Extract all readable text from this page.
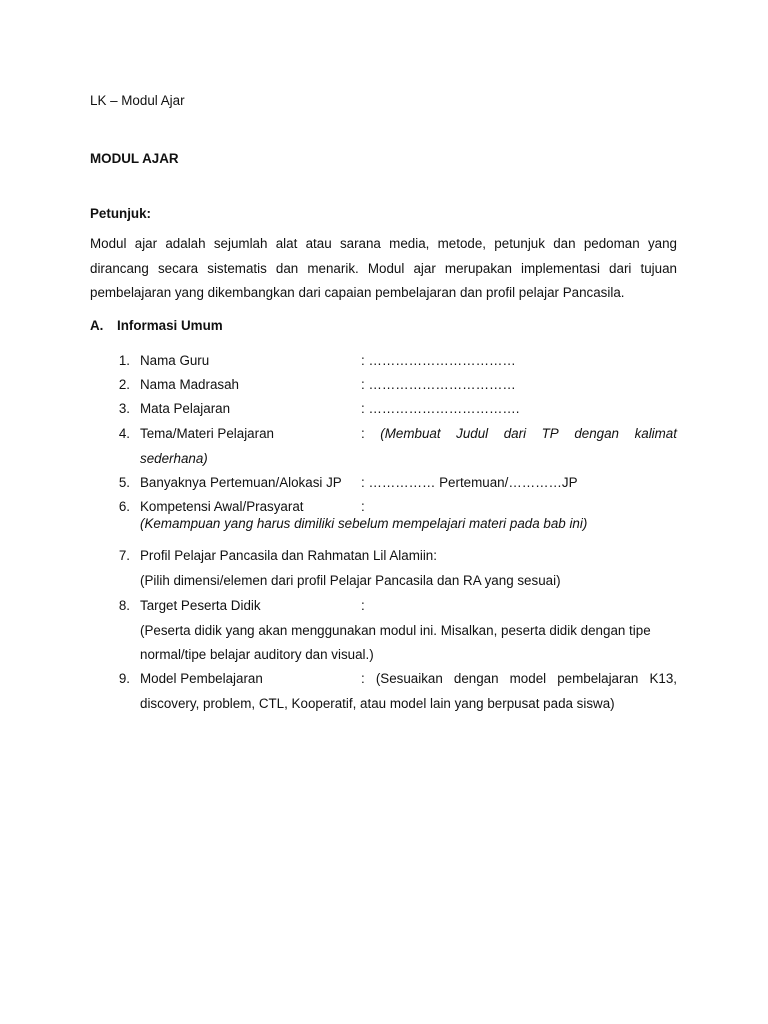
LK – Modul Ajar
MODUL AJAR
Petunjuk:

Modul ajar adalah sejumlah alat atau sarana media, metode, petunjuk dan pedoman yang dirancang secara sistematis dan menarik. Modul ajar merupakan implementasi dari tujuan pembelajaran yang dikembangkan dari capaian pembelajaran dan profil pelajar Pancasila.

A. Informasi Umum
1. Nama Guru	: ……………………………
2. Nama Madrasah	: ……………………………
3. Mata Pelajaran	: …………………………….
4. Tema/Materi Pelajaran	: (Membuat Judul dari TP dengan kalimat
sederhana)
5. Banyaknya Pertemuan/Alokasi JP : …………… Pertemuan/…………JP
6. Kompetensi Awal/Prasyarat	:
(Kemampuan yang harus dimiliki sebelum mempelajari materi pada bab ini)
7. Profil Pelajar Pancasila dan Rahmatan Lil Alamiin:
(Pilih dimensi/elemen dari profil Pelajar Pancasila dan RA yang sesuai)
8. Target Peserta Didik	:
(Peserta didik yang akan menggunakan modul ini. Misalkan, peserta didik dengan tipe
normal/tipe belajar auditory dan visual.)
9. Model Pembelajaran	: (Sesuaikan dengan model pembelajaran K13,
discovery, problem, CTL, Kooperatif, atau model lain yang berpusat pada siswa)
